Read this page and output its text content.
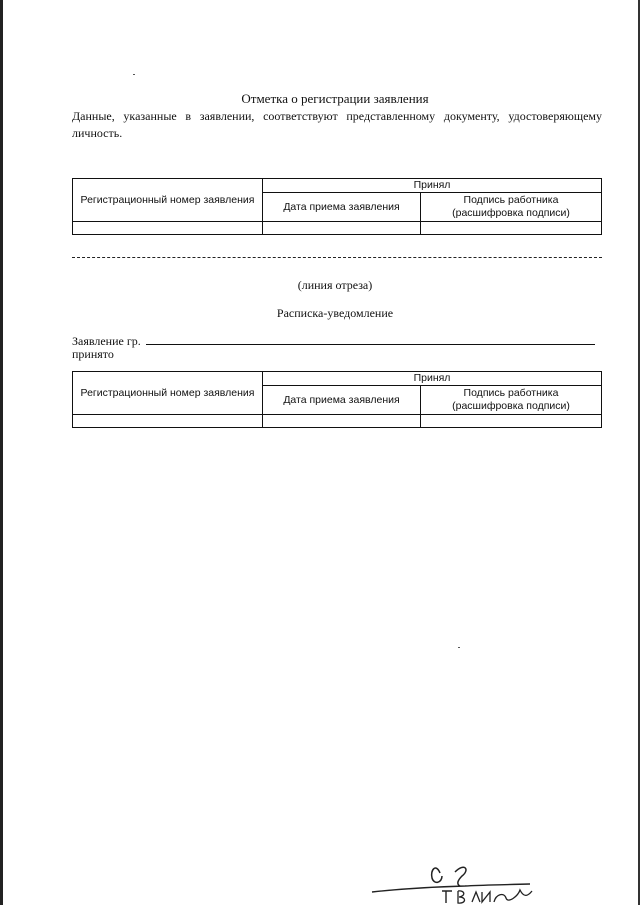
Отметка о регистрации заявления
Данные, указанные в заявлении, соответствуют представленному документу, удостоверяющему личность.
Регистрационный номер заявления	Принял	
	Дата приема заявления	Подпись работника
(расшифровка подписи)

(линия отреза)
Расписка-уведомление
Заявление гр.
принято
Регистрационный номер заявления	Принял	
	Дата приема заявления	Подпись работника
(расшифровка подписи)
